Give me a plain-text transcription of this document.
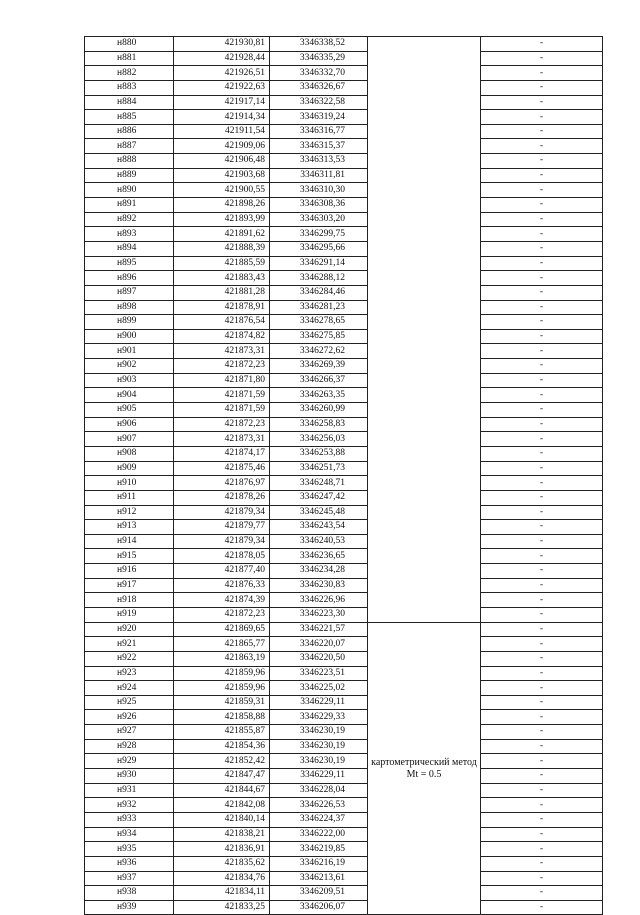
н880	421930,81	3346338,52		-
н881	421928,44	3346335,29		-
н882	421926,51	3346332,70		-
н883	421922,63	3346326,67		-
н884	421917,14	3346322,58		-
н885	421914,34	3346319,24		-
н886	421911,54	3346316,77		-
н887	421909,06	3346315,37		-
н888	421906,48	3346313,53		-
н889	421903,68	3346311,81		-
н890	421900,55	3346310,30		-
н891	421898,26	3346308,36		-
н892	421893,99	3346303,20		-
н893	421891,62	3346299,75		-
н894	421888,39	3346295,66		-
н895	421885,59	3346291,14		-
н896	421883,43	3346288,12		-
н897	421881,28	3346284,46		-
н898	421878,91	3346281,23		-
н899	421876,54	3346278,65		-
н900	421874,82	3346275,85		-
н901	421873,31	3346272,62		-
н902	421872,23	3346269,39		-
н903	421871,80	3346266,37		-
н904	421871,59	3346263,35		-
н905	421871,59	3346260,99		-
н906	421872,23	3346258,83		-
н907	421873,31	3346256,03		-
н908	421874,17	3346253,88		-
н909	421875,46	3346251,73		-
н910	421876,97	3346248,71		-
н911	421878,26	3346247,42		-
н912	421879,34	3346245,48		-
н913	421879,77	3346243,54		-
н914	421879,34	3346240,53		-
н915	421878,05	3346236,65		-
н916	421877,40	3346234,28		-
н917	421876,33	3346230,83		-
н918	421874,39	3346226,96		-
н919	421872,23	3346223,30		-
н920	421869,65	3346221,57	картометрический метод Mt = 0.5	-
н921	421865,77	3346220,07		-
н922	421863,19	3346220,50		-
н923	421859,96	3346223,51		-
н924	421859,96	3346225,02		-
н925	421859,31	3346229,11		-
н926	421858,88	3346229,33		-
н927	421855,87	3346230,19		-
н928	421854,36	3346230,19		-
н929	421852,42	3346230,19		-
н930	421847,47	3346229,11		-
н931	421844,67	3346228,04		-
н932	421842,08	3346226,53		-
н933	421840,14	3346224,37		-
н934	421838,21	3346222,00		-
н935	421836,91	3346219,85		-
н936	421835,62	3346216,19		-
н937	421834,76	3346213,61		-
н938	421834,11	3346209,51		-
н939	421833,25	3346206,07		-
